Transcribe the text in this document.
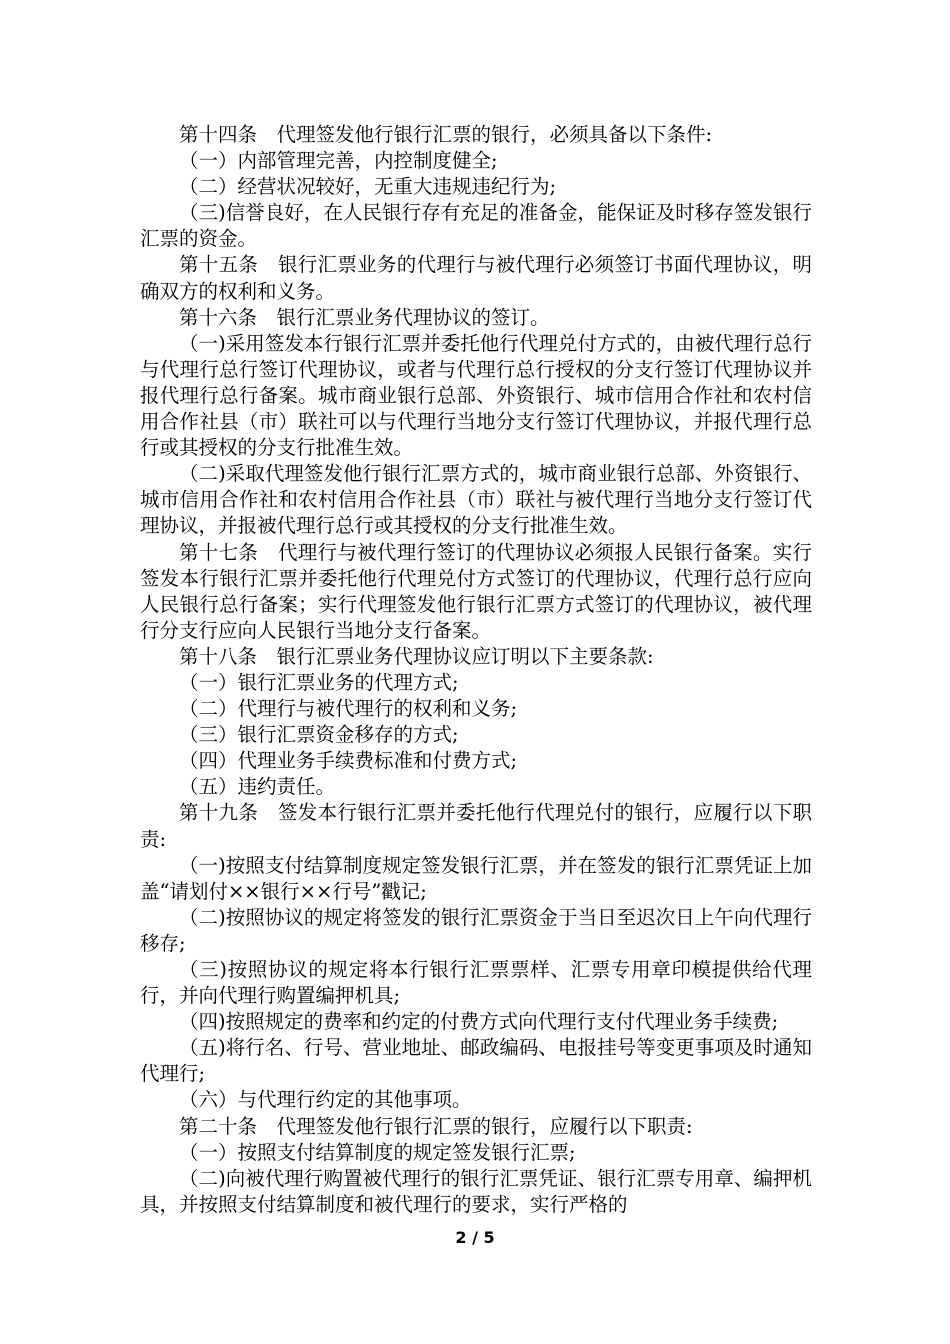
第十四条　代理签发他行银行汇票的银行，必须具备以下条件:

（一）内部管理完善，内控制度健全;

（二）经营状况较好，无重大违规违纪行为;

（三)信誉良好，在人民银行存有充足的准备金，能保证及时移存签发银行汇票的资金。

第十五条　银行汇票业务的代理行与被代理行必须签订书面代理协议，明确双方的权利和义务。

第十六条　银行汇票业务代理协议的签订。

（一)采用签发本行银行汇票并委托他行代理兑付方式的，由被代理行总行与代理行总行签订代理协议，或者与代理行总行授权的分支行签订代理协议并报代理行总行备案。城市商业银行总部、外资银行、城市信用合作社和农村信用合作社县（市）联社可以与代理行当地分支行签订代理协议，并报代理行总行或其授权的分支行批准生效。

（二)采取代理签发他行银行汇票方式的，城市商业银行总部、外资银行、城市信用合作社和农村信用合作社县（市）联社与被代理行当地分支行签订代理协议，并报被代理行总行或其授权的分支行批准生效。

第十七条　代理行与被代理行签订的代理协议必须报人民银行备案。实行签发本行银行汇票并委托他行代理兑付方式签订的代理协议，代理行总行应向人民银行总行备案；实行代理签发他行银行汇票方式签订的代理协议，被代理行分支行应向人民银行当地分支行备案。

第十八条　银行汇票业务代理协议应订明以下主要条款:

（一）银行汇票业务的代理方式;

（二）代理行与被代理行的权利和义务;

（三）银行汇票资金移存的方式;

（四）代理业务手续费标准和付费方式;

（五）违约责任。

第十九条　签发本行银行汇票并委托他行代理兑付的银行，应履行以下职责:

（一)按照支付结算制度规定签发银行汇票，并在签发的银行汇票凭证上加盖“请划付××银行××行号”戳记;

（二)按照协议的规定将签发的银行汇票资金于当日至迟次日上午向代理行移存;

（三)按照协议的规定将本行银行汇票票样、汇票专用章印模提供给代理行，并向代理行购置编押机具;

（四)按照规定的费率和约定的付费方式向代理行支付代理业务手续费;

（五)将行名、行号、营业地址、邮政编码、电报挂号等变更事项及时通知代理行;

（六）与代理行约定的其他事项。

第二十条　代理签发他行银行汇票的银行，应履行以下职责:

（一）按照支付结算制度的规定签发银行汇票;

（二)向被代理行购置被代理行的银行汇票凭证、银行汇票专用章、编押机具，并按照支付结算制度和被代理行的要求，实行严格的

2 / 5
